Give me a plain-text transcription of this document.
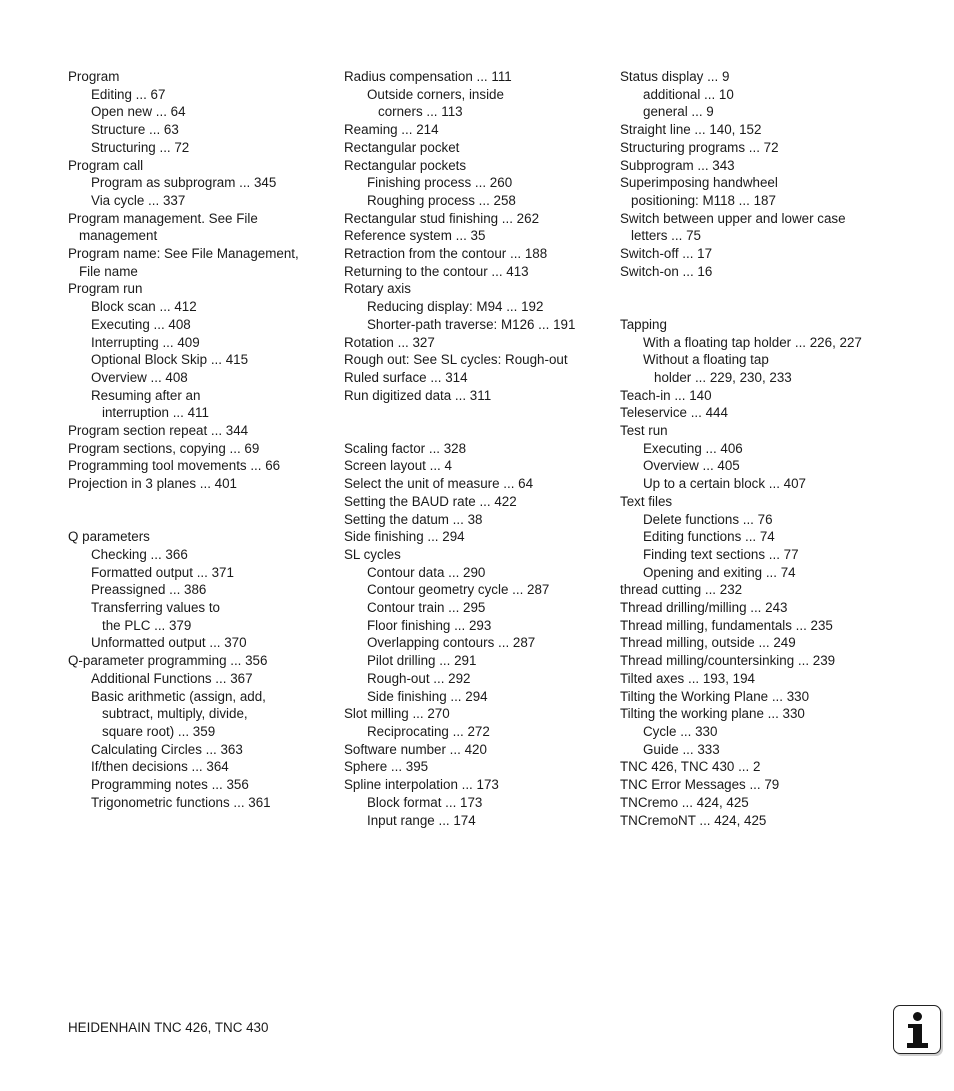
Program
Editing ... 67
Open new ... 64
Structure ... 63
Structuring ... 72
Program call
Program as subprogram ... 345
Via cycle ... 337
Program management. See File
management
Program name: See File Management,
File name
Program run
Block scan ... 412
Executing ... 408
Interrupting ... 409
Optional Block Skip ... 415
Overview ... 408
Resuming after an
interruption ... 411
Program section repeat ... 344
Program sections, copying ... 69
Programming tool movements ... 66
Projection in 3 planes ... 401
Q parameters
Checking ... 366
Formatted output ... 371
Preassigned ... 386
Transferring values to
the PLC ... 379
Unformatted output ... 370
Q-parameter programming ... 356
Additional Functions ... 367
Basic arithmetic (assign, add,
subtract, multiply, divide,
square root) ... 359
Calculating Circles ... 363
If/then decisions ... 364
Programming notes ... 356
Trigonometric functions ... 361
Radius compensation ... 111
Outside corners, inside
corners ... 113
Reaming ... 214
Rectangular pocket
Rectangular pockets
Finishing process ... 260
Roughing process ... 258
Rectangular stud finishing ... 262
Reference system ... 35
Retraction from the contour ... 188
Returning to the contour ... 413
Rotary axis
Reducing display: M94 ... 192
Shorter-path traverse: M126 ... 191
Rotation ... 327
Rough out: See SL cycles: Rough-out
Ruled surface ... 314
Run digitized data ... 311
Scaling factor ... 328
Screen layout ... 4
Select the unit of measure ... 64
Setting the BAUD rate ... 422
Setting the datum ... 38
Side finishing ... 294
SL cycles
Contour data ... 290
Contour geometry cycle ... 287
Contour train ... 295
Floor finishing ... 293
Overlapping contours ... 287
Pilot drilling ... 291
Rough-out ... 292
Side finishing ... 294
Slot milling ... 270
Reciprocating ... 272
Software number ... 420
Sphere ... 395
Spline interpolation ... 173
Block format ... 173
Input range ... 174
Status display ... 9
additional ... 10
general ... 9
Straight line ... 140, 152
Structuring programs ... 72
Subprogram ... 343
Superimposing handwheel
positioning: M118 ... 187
Switch between upper and lower case
letters ... 75
Switch-off ... 17
Switch-on ... 16
Tapping
With a floating tap holder ... 226, 227
Without a floating tap
holder ... 229, 230, 233
Teach-in ... 140
Teleservice ... 444
Test run
Executing ... 406
Overview ... 405
Up to a certain block ... 407
Text files
Delete functions ... 76
Editing functions ... 74
Finding text sections ... 77
Opening and exiting ... 74
thread cutting ... 232
Thread drilling/milling ... 243
Thread milling, fundamentals ... 235
Thread milling, outside ... 249
Thread milling/countersinking ... 239
Tilted axes ... 193, 194
Tilting the Working Plane ... 330
Tilting the working plane ... 330
Cycle ... 330
Guide ... 333
TNC 426, TNC 430 ... 2
TNC Error Messages ... 79
TNCremo ... 424, 425
TNCremoNT ... 424, 425
HEIDENHAIN TNC 426, TNC 430
